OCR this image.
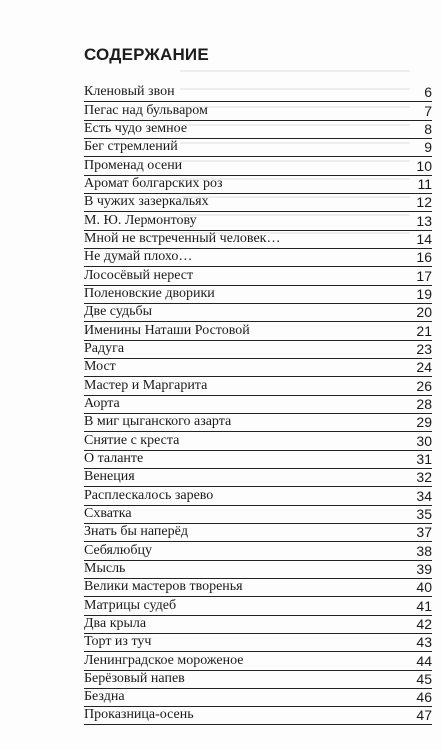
СОДЕРЖАНИЕ
Кленовый звон	6
Пегас над бульваром	7
Есть чудо земное	8
Бег стремлений	9
Променад осени	10
Аромат болгарских роз	11
В чужих зазеркальях	12
М. Ю. Лермонтову	13
Мной не встреченный человек…	14
Не думай плохо…	16
Лососёвый нерест	17
Поленовские дворики	19
Две судьбы	20
Именины Наташи Ростовой	21
Радуга	23
Мост	24
Мастер и Маргарита	26
Аорта	28
В миг цыганского азарта	29
Снятие с креста	30
О таланте	31
Венеция	32
Расплескалось зарево	34
Схватка	35
Знать бы наперёд	37
Себялюбцу	38
Мысль	39
Велики мастеров творенья	40
Матрицы судеб	41
Два крыла	42
Торт из туч	43
Ленинградское мороженое	44
Берёзовый напев	45
Бездна	46
Проказница-осень	47
